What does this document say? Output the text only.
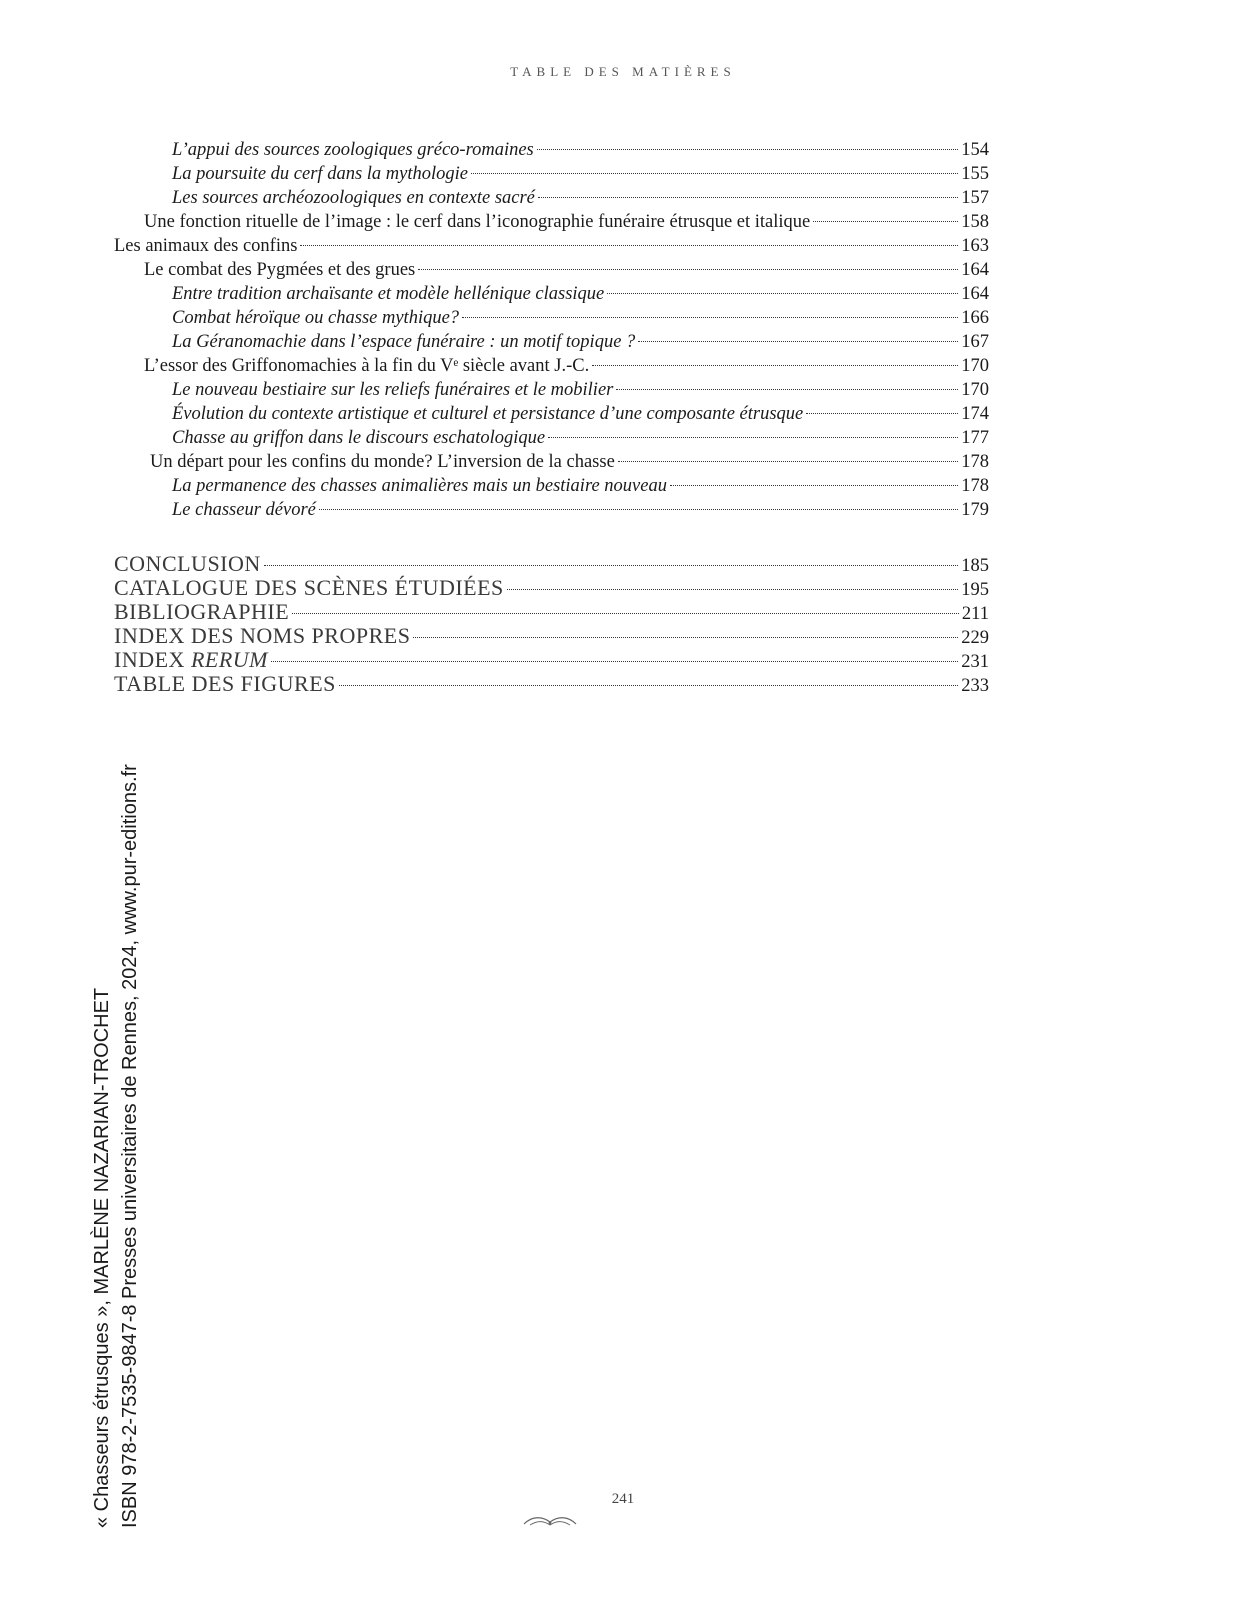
TABLE DES MATIÈRES
L’appui des sources zoologiques gréco-romaines	154
La poursuite du cerf dans la mythologie	155
Les sources archéozoologiques en contexte sacré	157
Une fonction rituelle de l’image : le cerf dans l’iconographie funéraire étrusque et italique	158
Les animaux des confins	163
Le combat des Pygmées et des grues	164
Entre tradition archaïsante et modèle hellénique classique	164
Combat héroïque ou chasse mythique?	166
La Géranomachie dans l’espace funéraire : un motif topique ?	167
L’essor des Griffonomachies à la fin du Vᵉ siècle avant J.-C.	170
Le nouveau bestiaire sur les reliefs funéraires et le mobilier	170
Évolution du contexte artistique et culturel et persistance d’une composante étrusque	174
Chasse au griffon dans le discours eschatologique	177
Un départ pour les confins du monde? L’inversion de la chasse	178
La permanence des chasses animalières mais un bestiaire nouveau	178
Le chasseur dévoré	179
CONCLUSION	185
CATALOGUE DES SCÈNES ÉTUDIÉES	195
BIBLIOGRAPHIE	211
INDEX DES NOMS PROPRES	229
INDEX RERUM	231
TABLE DES FIGURES	233
« Chasseurs étrusques », MARLÈNE NAZARIAN-TROCHET ISBN 978-2-7535-9847-8 Presses universitaires de Rennes, 2024, www.pur-editions.fr	241
